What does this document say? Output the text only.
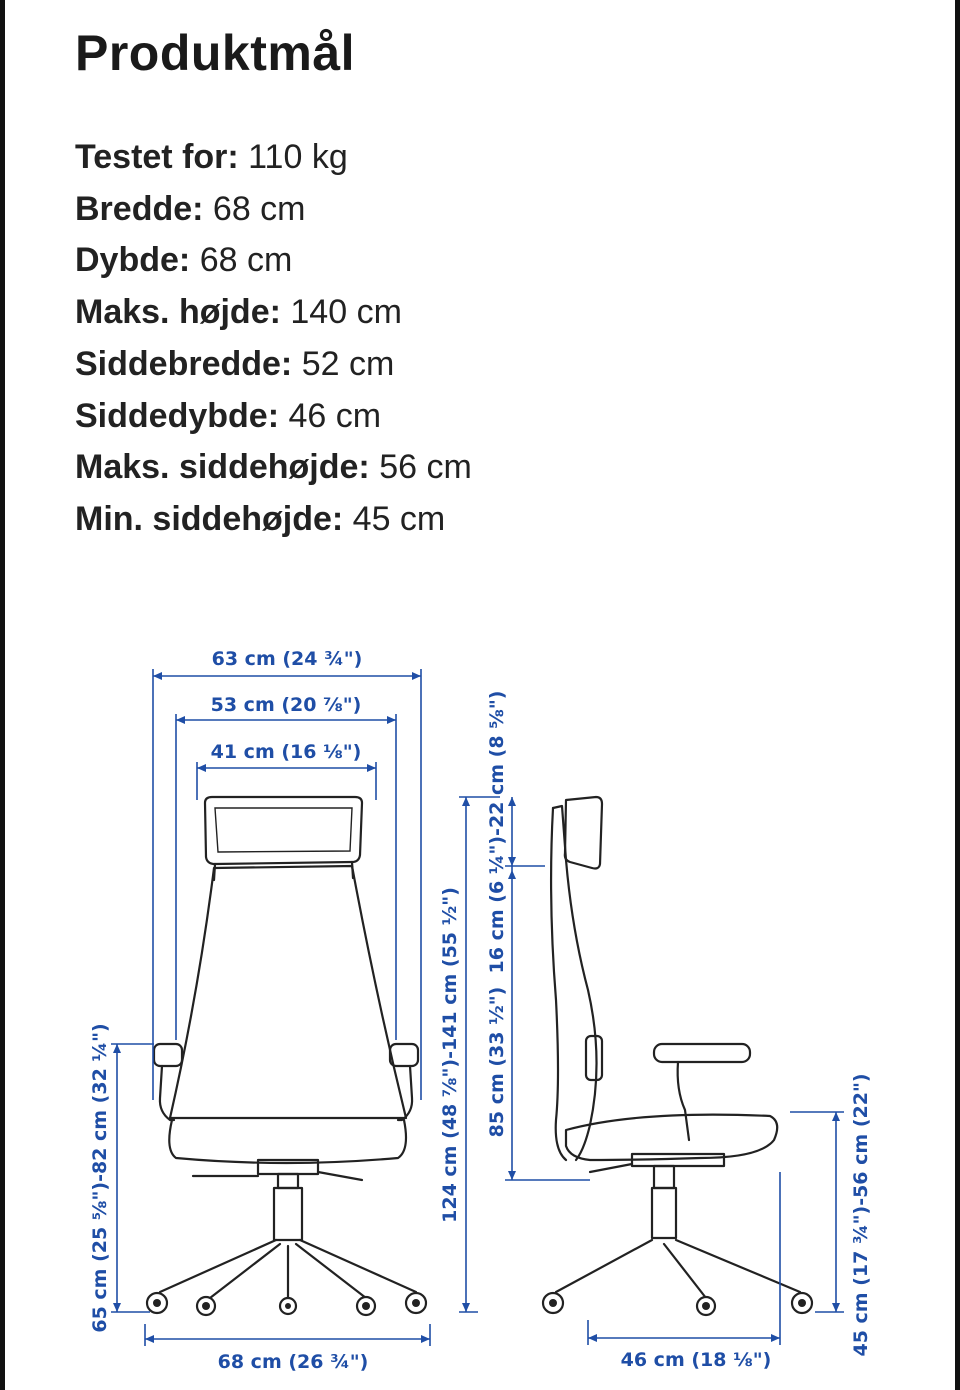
Produktmål
Testet for: 110 kg
Bredde: 68 cm
Dybde: 68 cm
Maks. højde: 140 cm
Siddebredde: 52 cm
Siddedybde: 46 cm
Maks. siddehøjde: 56 cm
Min. siddehøjde: 45 cm
63 cm (24 ¾")
53 cm (20 ⅞")
41 cm (16 ⅛")
65 cm (25 ⅝")-82 cm (32 ¼")
68 cm (26 ¾")
124 cm (48 ⅞")-141 cm (55 ½")
16 cm (6 ¼")-22 cm (8 ⅝")
85 cm (33 ½")
45 cm (17 ¾")-56 cm (22")
46 cm (18 ⅛")
